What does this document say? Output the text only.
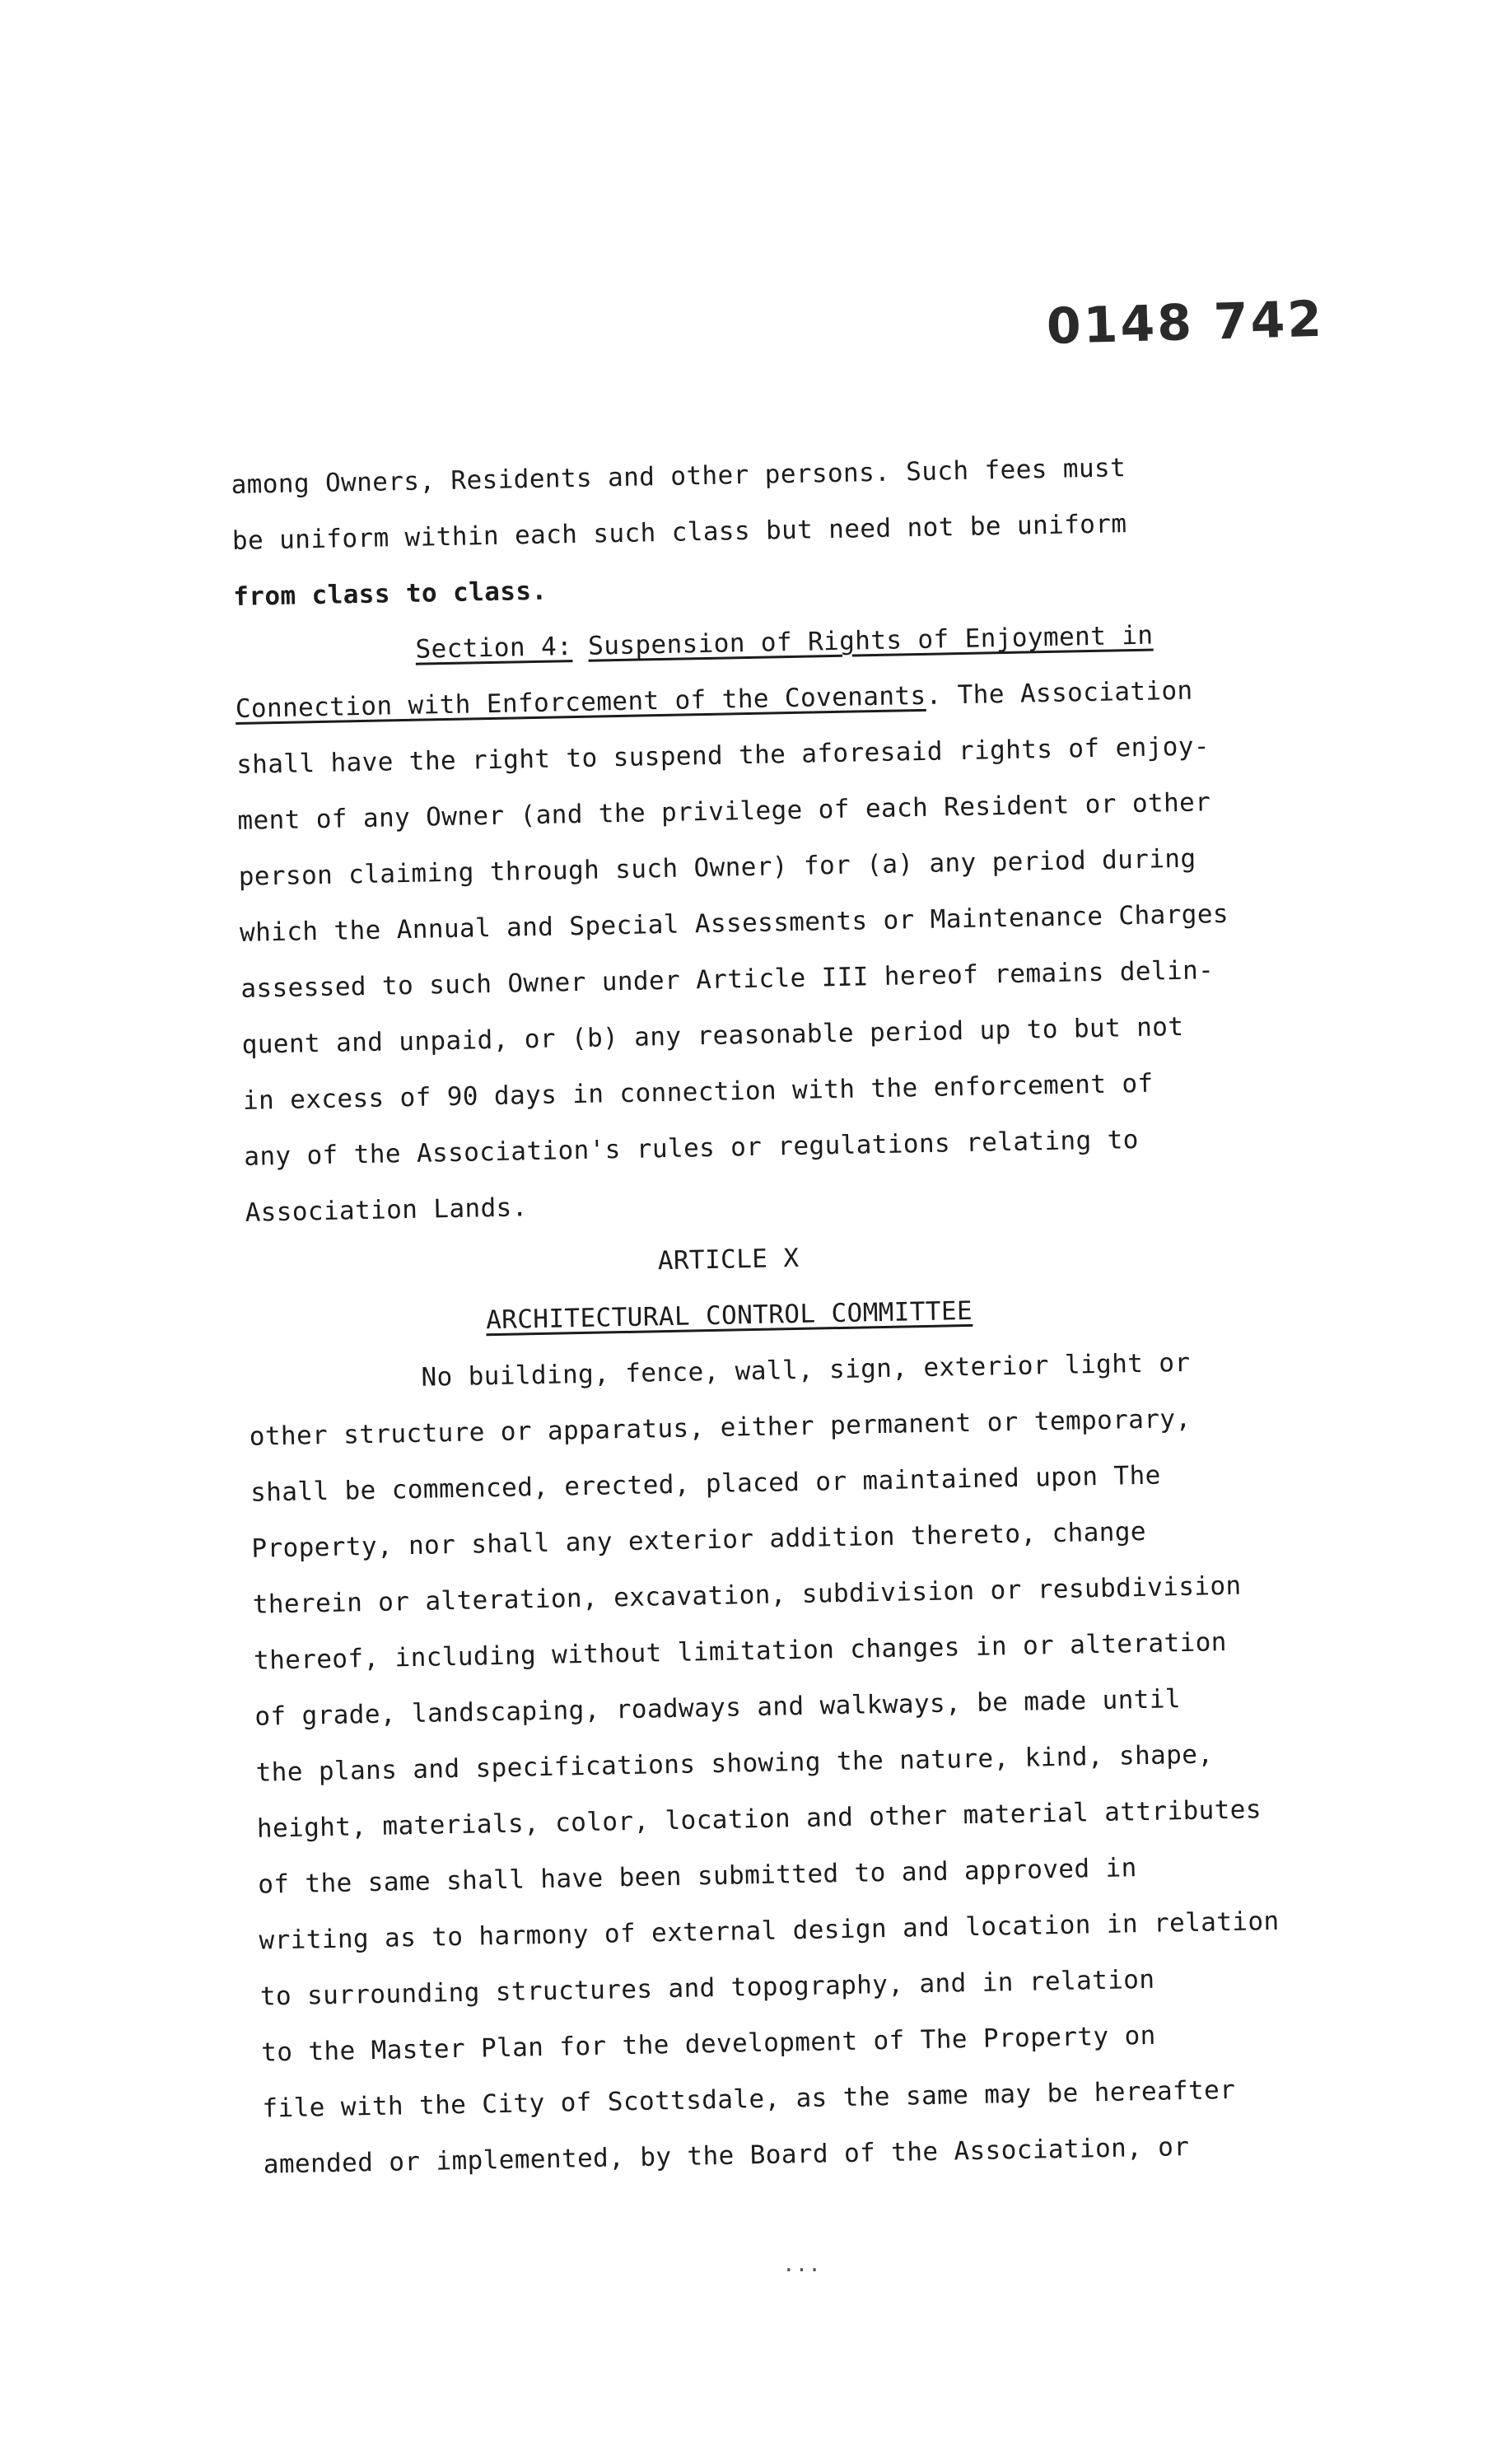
0148 742
among Owners, Residents and other persons. Such fees must
be uniform within each such class but need not be uniform
from class to class.
Section 4: Suspension of Rights of Enjoyment in
Connection with Enforcement of the Covenants. The Association
shall have the right to suspend the aforesaid rights of enjoy-
ment of any Owner (and the privilege of each Resident or other
person claiming through such Owner) for (a) any period during
which the Annual and Special Assessments or Maintenance Charges
assessed to such Owner under Article III hereof remains delin-
quent and unpaid, or (b) any reasonable period up to but not
in excess of 90 days in connection with the enforcement of
any of the Association's rules or regulations relating to
Association Lands.
ARTICLE X
ARCHITECTURAL CONTROL COMMITTEE
No building, fence, wall, sign, exterior light or
other structure or apparatus, either permanent or temporary,
shall be commenced, erected, placed or maintained upon The
Property, nor shall any exterior addition thereto, change
therein or alteration, excavation, subdivision or resubdivision
thereof, including without limitation changes in or alteration
of grade, landscaping, roadways and walkways, be made until
the plans and specifications showing the nature, kind, shape,
height, materials, color, location and other material attributes
of the same shall have been submitted to and approved in
writing as to harmony of external design and location in relation
to surrounding structures and topography, and in relation
to the Master Plan for the development of The Property on
file with the City of Scottsdale, as the same may be hereafter
amended or implemented, by the Board of the Association, or
...
